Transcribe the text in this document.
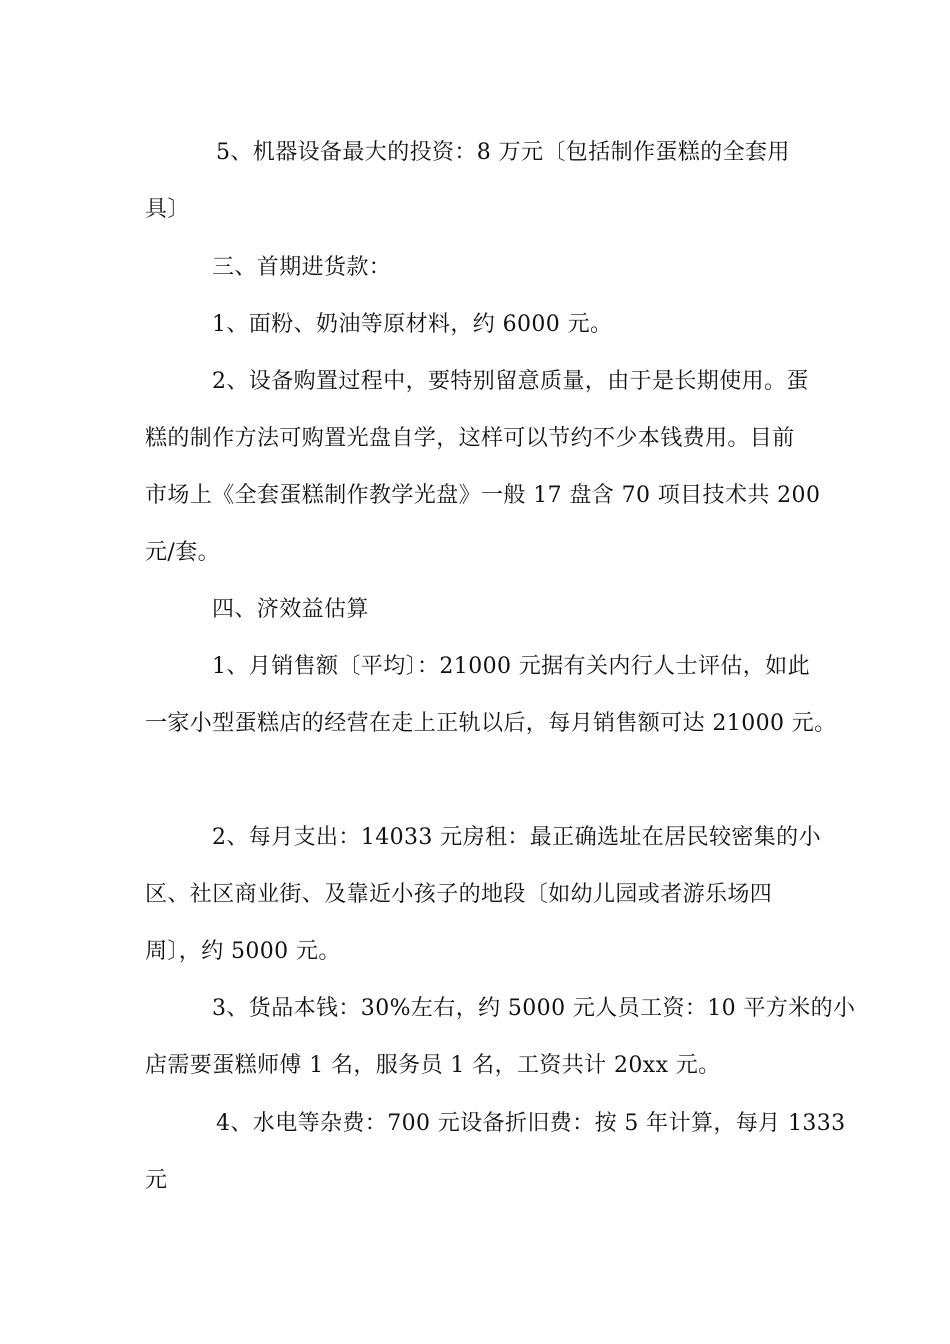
5、机器设备最大的投资：8 万元〔包括制作蛋糕的全套用
具〕
三、首期进货款：
1、面粉、奶油等原材料，约 6000 元。
2、设备购置过程中，要特别留意质量，由于是长期使用。蛋
糕的制作方法可购置光盘自学，这样可以节约不少本钱费用。目前
市场上《全套蛋糕制作教学光盘》一般 17 盘含 70 项目技术共 200
元/套。
四、济效益估算
1、月销售额〔平均〕：21000 元据有关内行人士评估，如此
一家小型蛋糕店的经营在走上正轨以后，每月销售额可达 21000 元。
2、每月支出：14033 元房租：最正确选址在居民较密集的小
区、社区商业街、及靠近小孩子的地段〔如幼儿园或者游乐场四
周〕，约 5000 元。
3、货品本钱：30%左右，约 5000 元人员工资：10 平方米的小
店需要蛋糕师傅 1 名，服务员 1 名，工资共计 20xx 元。
4、水电等杂费：700 元设备折旧费：按 5 年计算，每月 1333
元
